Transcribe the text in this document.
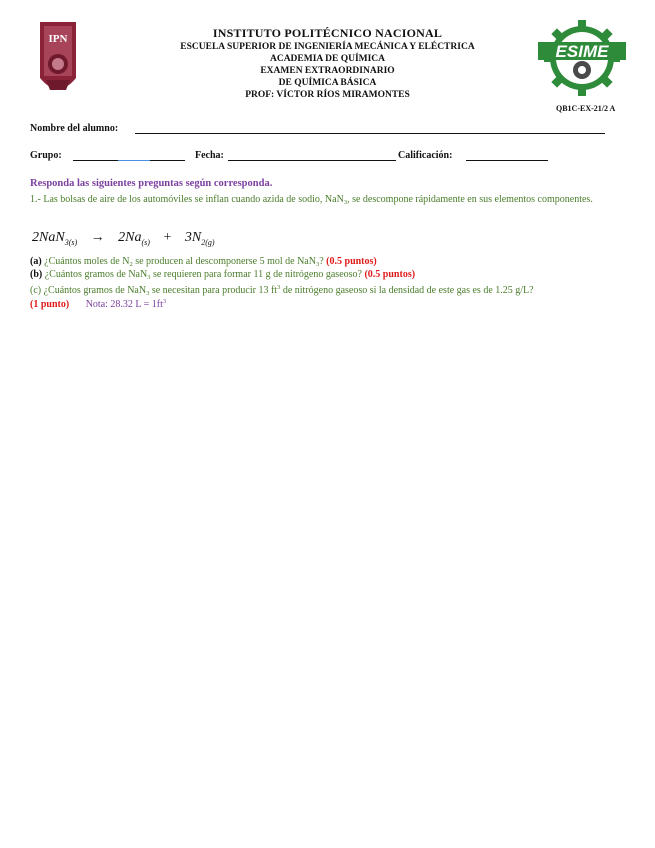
IPN	INSTITUTO POLITÉCNICO NACIONAL
ESCUELA SUPERIOR DE INGENIERÍA MECÁNICA Y ELÉCTRICA
ACADEMIA DE QUÍMICA
EXAMEN EXTRAORDINARIO
DE QUÍMICA BÁSICA
PROF: VÍCTOR RÍOS MIRAMONTES
ESIME
QB1C-EX-21/2 A
Nombre del alumno:
Grupo:	Fecha:	Calificación:
Responda las siguientes preguntas según corresponda.
1.- Las bolsas de aire de los automóviles se inflan cuando azida de sodio, NaN$_3$, se descompone rápidamente en sus elementos componentes.
$2NaN_{3(s)} \to 2Na_{(s)} + 3N_{2(g)}$
(a) ¿Cuántos moles de $N_2$ se producen al descomponerse 5 mol de NaN$_3$? (0.5 puntos)
(b) ¿Cuántos gramos de NaN$_3$ se requieren para formar 11 g de nitrógeno gaseoso? (0.5 puntos)
(c) ¿Cuántos gramos de NaN$_3$ se necesitan para producir 13 $ft^3$ de nitrógeno gaseoso si la densidad de este gas es de 1.25 g/L?
(1 punto) Nota: 28.32 $L = 1ft^3$
